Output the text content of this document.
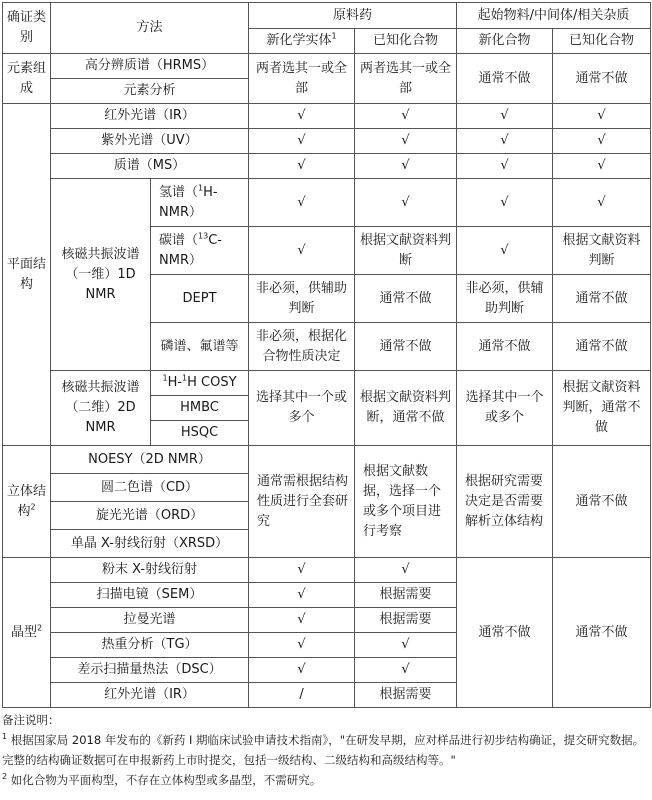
确证类别	方法		原料药		起始物料/中间体/相关杂质	
			新化学实体$^1$	已知化合物	新化合物	已知化合物
元素组成	高分辨质谱（HRMS）		两者选其一或全部	两者选其一或全部	通常不做	通常不做
	元素分析					
平面结构	红外光谱（IR）		√	√	√	√
	紫外光谱（UV）		√	√	√	√
	质谱（MS）		√	√	√	√
	核磁共振波谱（一维）1D NMR	氢谱（$^1$H-NMR）	√	√	√	√
		碳谱（$^{13}$C-NMR）	√	根据文献资料判断	√	根据文献资料判断
		DEPT	非必须，供辅助判断	通常不做	非必须，供辅助判断	通常不做
		磷谱、氟谱等	非必须，根据化合物性质决定	通常不做	通常不做	通常不做
	核磁共振波谱（二维）2D NMR	$^1$H-$^1$H COSY	选择其中一个或多个	根据文献资料判断，通常不做	选择其中一个或多个	根据文献资料判断，通常不做
		HMBC				
		HSQC				
立体结构$^2$	NOESY（2D NMR）		通常需根据结构性质进行全套研究	根据文献数据，选择一个或多个项目进行考察	根据研究需要决定是否需要解析立体结构	通常不做
	圆二色谱（CD）					
	旋光光谱（ORD）					
	单晶 X-射线衍射（XRSD）					
晶型$^2$	粉末 X-射线衍射		√	√	通常不做	通常不做
	扫描电镜（SEM）		√	根据需要		
	拉曼光谱		√	根据需要		
	热重分析（TG）		√	√		
	差示扫描量热法（DSC）		√	√		
	红外光谱（IR）		/	根据需要		

备注说明：

$^1$ 根据国家局 2018 年发布的《新药 I 期临床试验申请技术指南》，"在研发早期，应对样品进行初步结构确证，提交研究数据。完整的结构确证数据可在申报新药上市时提交，包括一级结构、二级结构和高级结构等。"

$^2$ 如化合物为平面构型，不存在立体构型或多晶型，不需研究。
